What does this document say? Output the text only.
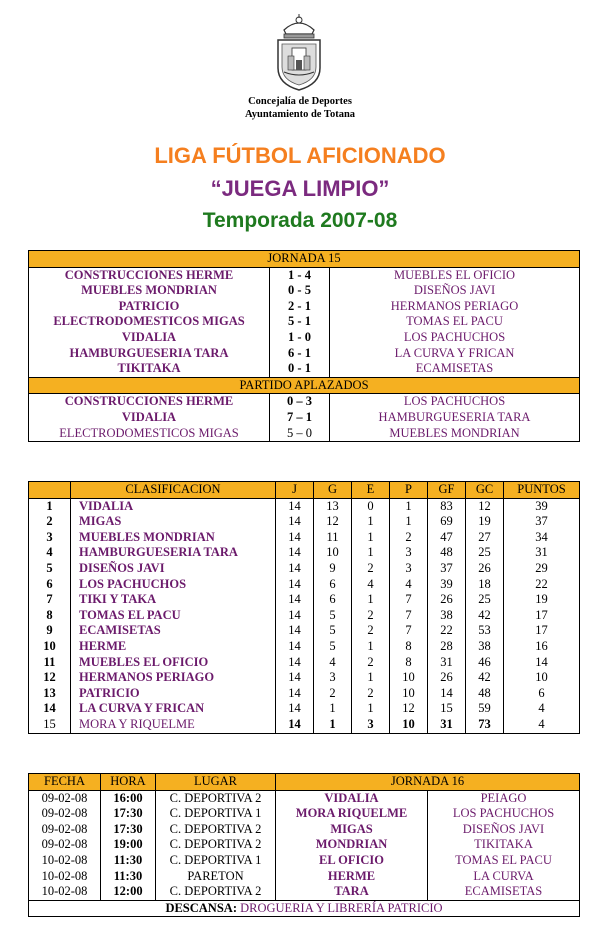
Concejalía de Deportes
Ayuntamiento de Totana
LIGA FÚTBOL AFICIONADO
“JUEGA LIMPIO”
Temporada 2007-08
JORNADA 15		
CONSTRUCCIONES HERME	1 - 4	MUEBLES EL OFICIO
MUEBLES MONDRIAN	0 - 5	DISEÑOS JAVI
PATRICIO	2 - 1	HERMANOS PERIAGO
ELECTRODOMESTICOS MIGAS	5 - 1	TOMAS EL PACU
VIDALIA	1 - 0	LOS PACHUCHOS
HAMBURGUESERIA TARA	6 - 1	LA CURVA Y FRICAN
TIKITAKA	0 - 1	ECAMISETAS
PARTIDO APLAZADOS		
CONSTRUCCIONES HERME	0 – 3	LOS PACHUCHOS
VIDALIA	7 – 1	HAMBURGUESERIA TARA
ELECTRODOMESTICOS MIGAS	5 – 0	MUEBLES MONDRIAN
	CLASIFICACION	J	G	E	P	GF	GC	PUNTOS
1	VIDALIA	14	13	0	1	83	12	39
2	MIGAS	14	12	1	1	69	19	37
3	MUEBLES MONDRIAN	14	11	1	2	47	27	34
4	HAMBURGUESERIA TARA	14	10	1	3	48	25	31
5	DISEÑOS JAVI	14	9	2	3	37	26	29
6	LOS PACHUCHOS	14	6	4	4	39	18	22
7	TIKI Y TAKA	14	6	1	7	26	25	19
8	TOMAS EL PACU	14	5	2	7	38	42	17
9	ECAMISETAS	14	5	2	7	22	53	17
10	HERME	14	5	1	8	28	38	16
11	MUEBLES EL OFICIO	14	4	2	8	31	46	14
12	HERMANOS PERIAGO	14	3	1	10	26	42	10
13	PATRICIO	14	2	2	10	14	48	6
14	LA CURVA Y FRICAN	14	1	1	12	15	59	4
15	MORA Y RIQUELME	14	1	3	10	31	73	4
FECHA	HORA	LUGAR	JORNADA 16	
09-02-08	16:00	C. DEPORTIVA 2	VIDALIA	PEIAGO
09-02-08	17:30	C. DEPORTIVA 1	MORA RIQUELME	LOS PACHUCHOS
09-02-08	17:30	C. DEPORTIVA 2	MIGAS	DISEÑOS JAVI
09-02-08	19:00	C. DEPORTIVA 2	MONDRIAN	TIKITAKA
10-02-08	11:30	C. DEPORTIVA 1	EL OFICIO	TOMAS EL PACU
10-02-08	11:30	PARETON	HERME	LA CURVA
10-02-08	12:00	C. DEPORTIVA 2	TARA	ECAMISETAS
DESCANSA: DROGUERIA Y LIBRERÍA PATRICIO				
